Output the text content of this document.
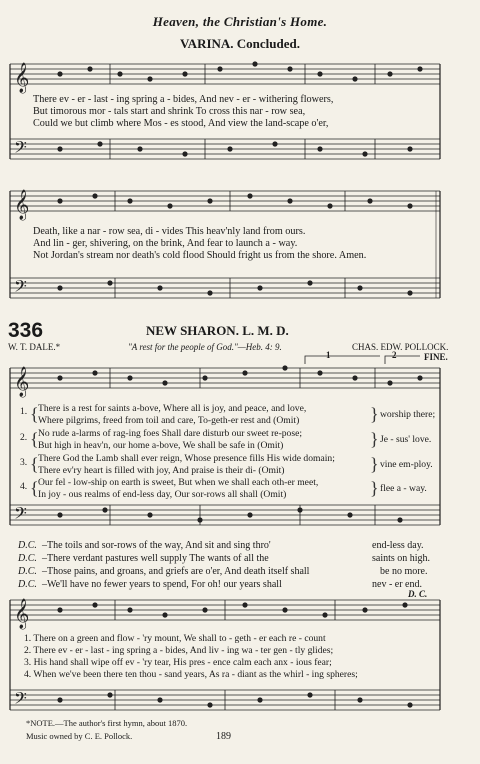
Heaven, the Christian's Home.
VARINA. Concluded.
𝄞
𝄢
𝄞
𝄢
𝄞
𝄢
𝄞
𝄢
There ev - er - last - ing spring a - bides, And nev - er - withering flowers,
But timorous mor - tals start and shrink To cross this nar - row sea,
Could we but climb where Mos - es stood, And view the land-scape o'er,
Death, like a nar - row sea, di - vides This heav'nly land from ours.
And lin - ger, shivering, on the brink, And fear to launch a - way.
Not Jordan's stream nor death's cold flood Should fright us from the shore. Amen.
336	NEW SHARON. L. M. D.
W. T. DALE.*	"A rest for the people of God."—Heb. 4: 9.	CHAS. EDW. POLLOCK.
1	2	FINE.
1. { There is a rest for saints a-bove, Where all is joy, and peace, and love,
Where pilgrims, freed from toil and care, To-geth-er rest and (Omit)	} worship there;
2. { No rude a-larms of rag-ing foes Shall dare disturb our sweet re-pose;
But high in heav'n, our home a-bove, We shall be safe in (Omit)	} Je - sus' love.
3. { There God the Lamb shall ever reign, Whose presence fills His wide domain;
There ev'ry heart is filled with joy, And praise is their di- (Omit)	} vine em-ploy.
4. { Our fel - low-ship on earth is sweet, But when we shall each oth-er meet,
In joy - ous realms of end-less day, Our sor-rows all shall (Omit)	} flee a - way.
D.C. –The toils and sor-rows of the way, And sit and sing thro'	end-less day.
D.C. –There verdant pastures well supply The wants of all the	saints on high.
D.C. –Those pains, and groans, and griefs are o'er, And death itself shall	be no more.
D.C. –We'll have no fewer years to spend, For oh! our years shall	nev - er end.
D. C.
1. There on a green and flow - 'ry mount, We shall to - geth - er each re - count
2. There ev - er - last - ing spring a - bides, And liv - ing wa - ter gen - tly glides;
3. His hand shall wipe off ev - 'ry tear, His pres - ence calm each anx - ious fear;
4. When we've been there ten thou - sand years, As ra - diant as the whirl - ing spheres;
*NOTE.—The author's first hymn, about 1870.
Music owned by C. E. Pollock.	189
